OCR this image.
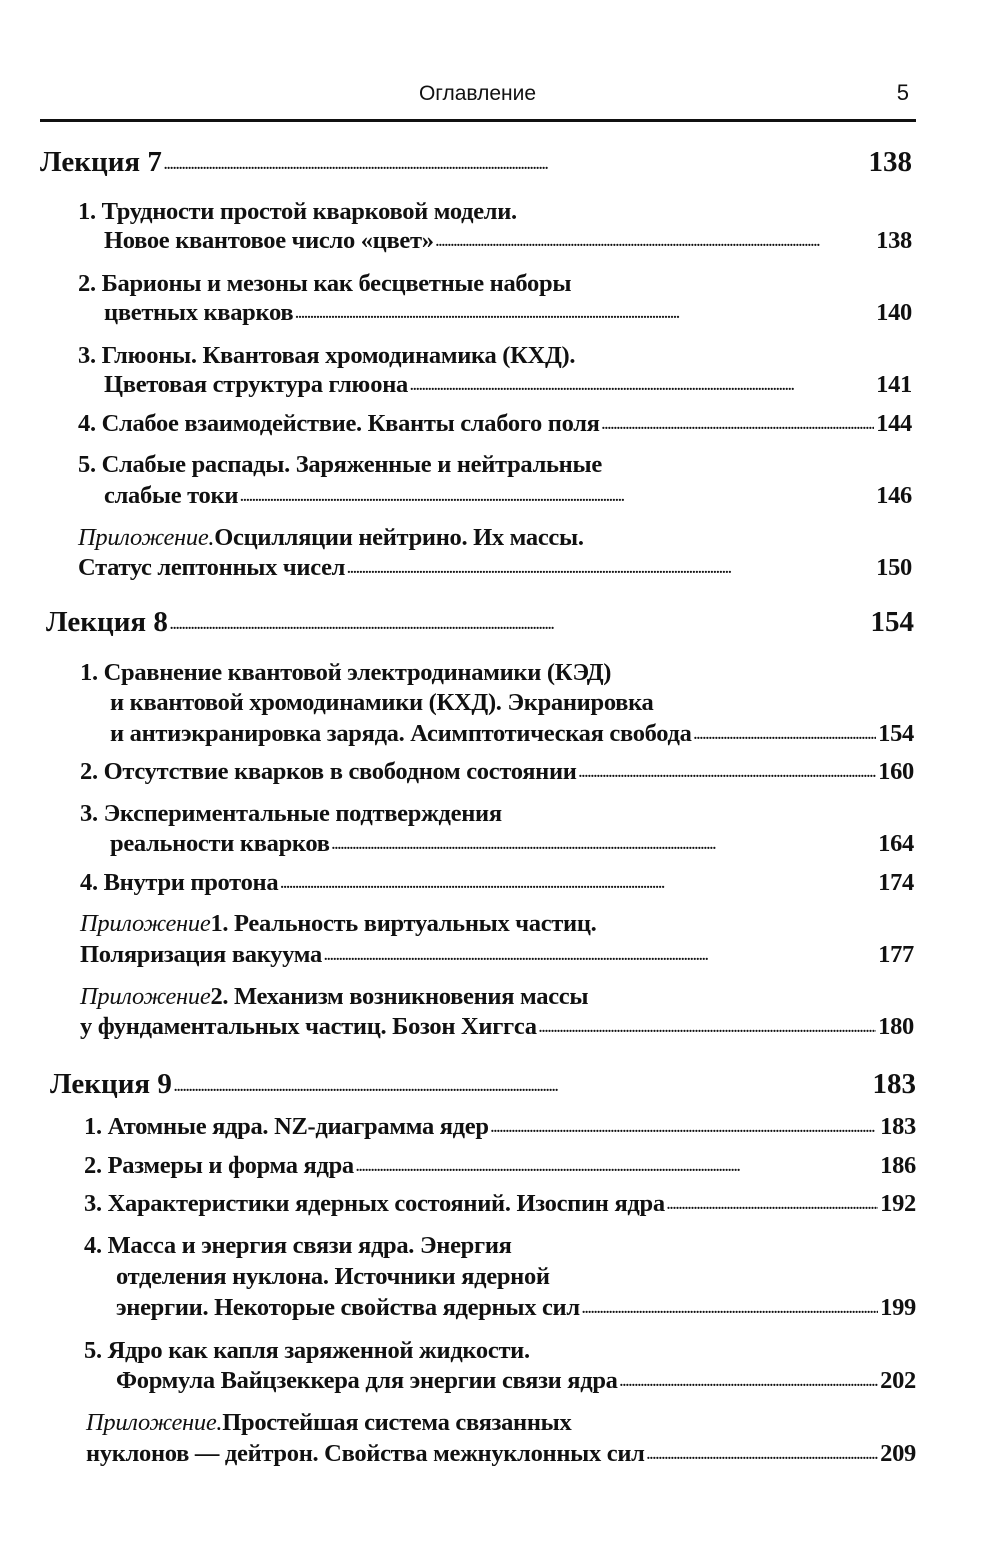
Оглавление	5
Лекция 7 . . .	138
1. Трудности простой кварковой модели.
Новое квантовое число «цвет» . . .	138
2. Барионы и мезоны как бесцветные наборы
цветных кварков . . .	140
3. Глюоны. Квантовая хромодинамика (КХД).
Цветовая структура глюона . . .	141
4. Слабое взаимодействие. Кванты слабого поля . . .	144
5. Слабые распады. Заряженные и нейтральные
слабые токи . . .	146
Приложение. Осцилляции нейтрино. Их массы.
Статус лептонных чисел . . .	150
Лекция 8 . . .	154
1. Сравнение квантовой электродинамики (КЭД)
и квантовой хромодинамики (КХД). Экранировка
и антиэкранировка заряда. Асимптотическая свобода . . .	154
2. Отсутствие кварков в свободном состоянии . . .	160
3. Экспериментальные подтверждения
реальности кварков . . .	164
4. Внутри протона . . .	174
Приложение 1. Реальность виртуальных частиц.
Поляризация вакуума . . .	177
Приложение 2. Механизм возникновения массы
у фундаментальных частиц. Бозон Хиггса . . .	180
Лекция 9 . . .	183
1. Атомные ядра. NZ-диаграмма ядер . . .	183
2. Размеры и форма ядра . . .	186
3. Характеристики ядерных состояний. Изоспин ядра . . .	192
4. Масса и энергия связи ядра. Энергия
отделения нуклона. Источники ядерной
энергии. Некоторые свойства ядерных сил . . .	199
5. Ядро как капля заряженной жидкости.
Формула Вайцзеккера для энергии связи ядра . . .	202
Приложение. Простейшая система связанных
нуклонов — дейтрон. Свойства межнуклонных сил . . .	209
